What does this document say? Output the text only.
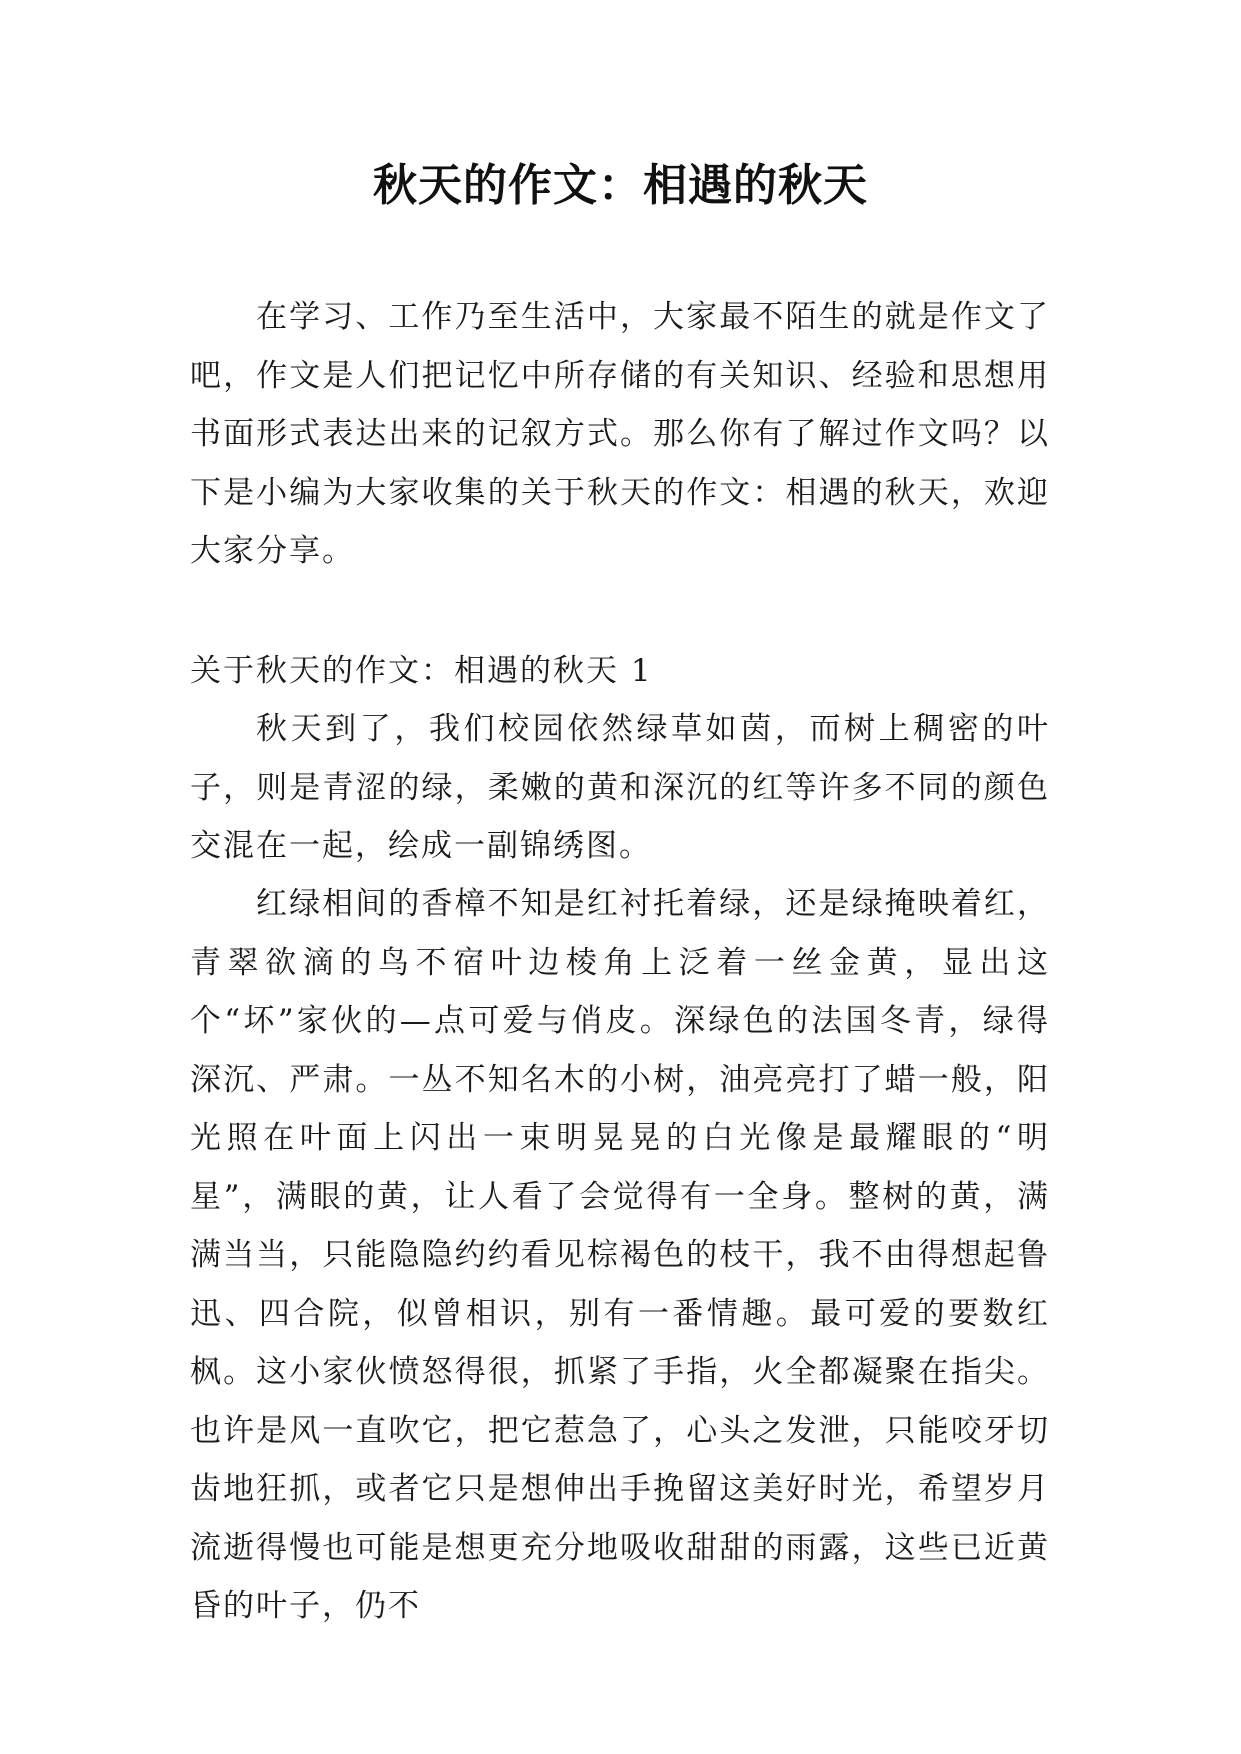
秋天的作文：相遇的秋天

在学习、工作乃至生活中，大家最不陌生的就是作文了吧，作文是人们把记忆中所存储的有关知识、经验和思想用书面形式表达出来的记叙方式。那么你有了解过作文吗？以下是小编为大家收集的关于秋天的作文：相遇的秋天，欢迎大家分享。

关于秋天的作文：相遇的秋天 1

秋天到了，我们校园依然绿草如茵，而树上稠密的叶子，则是青涩的绿，柔嫩的黄和深沉的红等许多不同的颜色交混在一起，绘成一副锦绣图。

红绿相间的香樟不知是红衬托着绿，还是绿掩映着红，青翠欲滴的鸟不宿叶边棱角上泛着一丝金黄，显出这个“坏”家伙的—点可爱与俏皮。深绿色的法国冬青，绿得深沉、严肃。一丛不知名木的小树，油亮亮打了蜡一般，阳光照在叶面上闪出一束明晃晃的白光像是最耀眼的“明星”，满眼的黄，让人看了会觉得有一全身。整树的黄，满满当当，只能隐隐约约看见棕褐色的枝干，我不由得想起鲁迅、四合院，似曾相识，别有一番情趣。最可爱的要数红枫。这小家伙愤怒得很，抓紧了手指，火全都凝聚在指尖。也许是风一直吹它，把它惹急了，心头之发泄，只能咬牙切齿地狂抓，或者它只是想伸出手挽留这美好时光，希望岁月流逝得慢也可能是想更充分地吸收甜甜的雨露，这些已近黄昏的叶子，仍不
